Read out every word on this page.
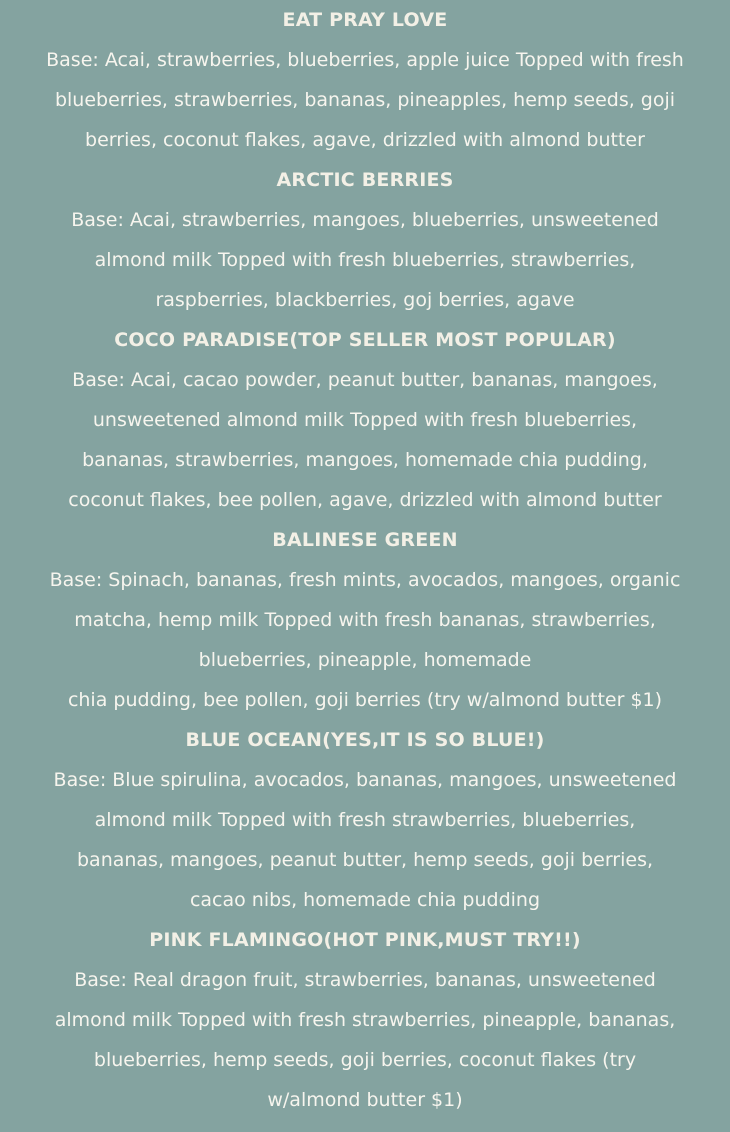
EAT PRAY LOVE
Base: Acai, strawberries, blueberries, apple juice Topped with fresh
blueberries, strawberries, bananas, pineapples, hemp seeds, goji
berries, coconut flakes, agave, drizzled with almond butter
ARCTIC BERRIES
Base: Acai, strawberries, mangoes, blueberries, unsweetened
almond milk Topped with fresh blueberries, strawberries,
raspberries, blackberries, goj berries, agave
COCO PARADISE(TOP SELLER MOST POPULAR)
Base: Acai, cacao powder, peanut butter, bananas, mangoes,
unsweetened almond milk Topped with fresh blueberries,
bananas, strawberries, mangoes, homemade chia pudding,
coconut flakes, bee pollen, agave, drizzled with almond butter
BALINESE GREEN
Base: Spinach, bananas, fresh mints, avocados, mangoes, organic
matcha, hemp milk Topped with fresh bananas, strawberries,
blueberries, pineapple, homemade
chia pudding, bee pollen, goji berries (try w/almond butter $1)
BLUE OCEAN(YES,IT IS SO BLUE!)
Base: Blue spirulina, avocados, bananas, mangoes, unsweetened
almond milk Topped with fresh strawberries, blueberries,
bananas, mangoes, peanut butter, hemp seeds, goji berries,
cacao nibs, homemade chia pudding
PINK FLAMINGO(HOT PINK,MUST TRY!!)
Base: Real dragon fruit, strawberries, bananas, unsweetened
almond milk Topped with fresh strawberries, pineapple, bananas,
blueberries, hemp seeds, goji berries, coconut flakes (try
w/almond butter $1)
